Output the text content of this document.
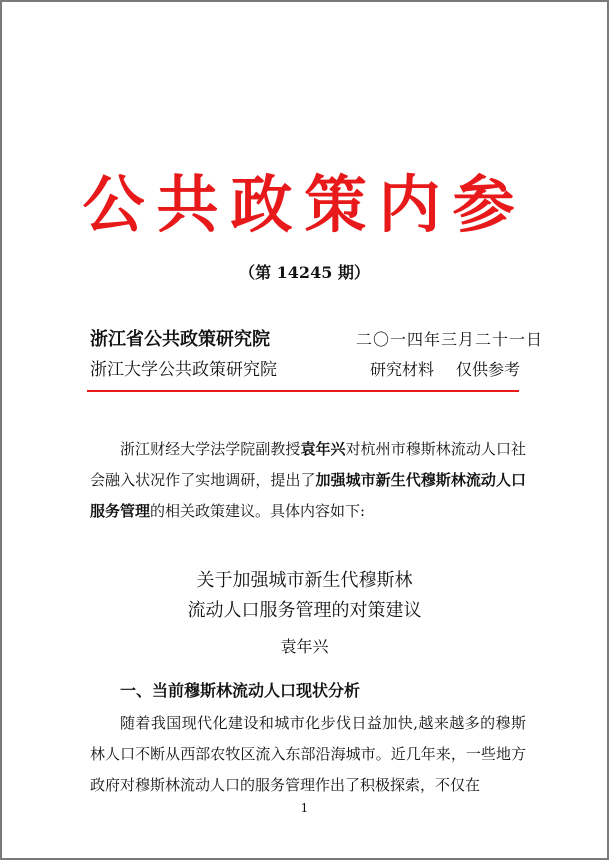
公共政策内参
（第 14245 期）
浙江省公共政策研究院
浙江大学公共政策研究院
二〇一四年三月二十一日
研究材料 仅供参考
浙江财经大学法学院副教授袁年兴对杭州市穆斯林流动人口社会融入状况作了实地调研，提出了加强城市新生代穆斯林流动人口服务管理的相关政策建议。具体内容如下:
关于加强城市新生代穆斯林
流动人口服务管理的对策建议
袁年兴
一、当前穆斯林流动人口现状分析
随着我国现代化建设和城市化步伐日益加快,越来越多的穆斯林人口不断从西部农牧区流入东部沿海城市。近几年来，一些地方政府对穆斯林流动人口的服务管理作出了积极探索，不仅在
1
